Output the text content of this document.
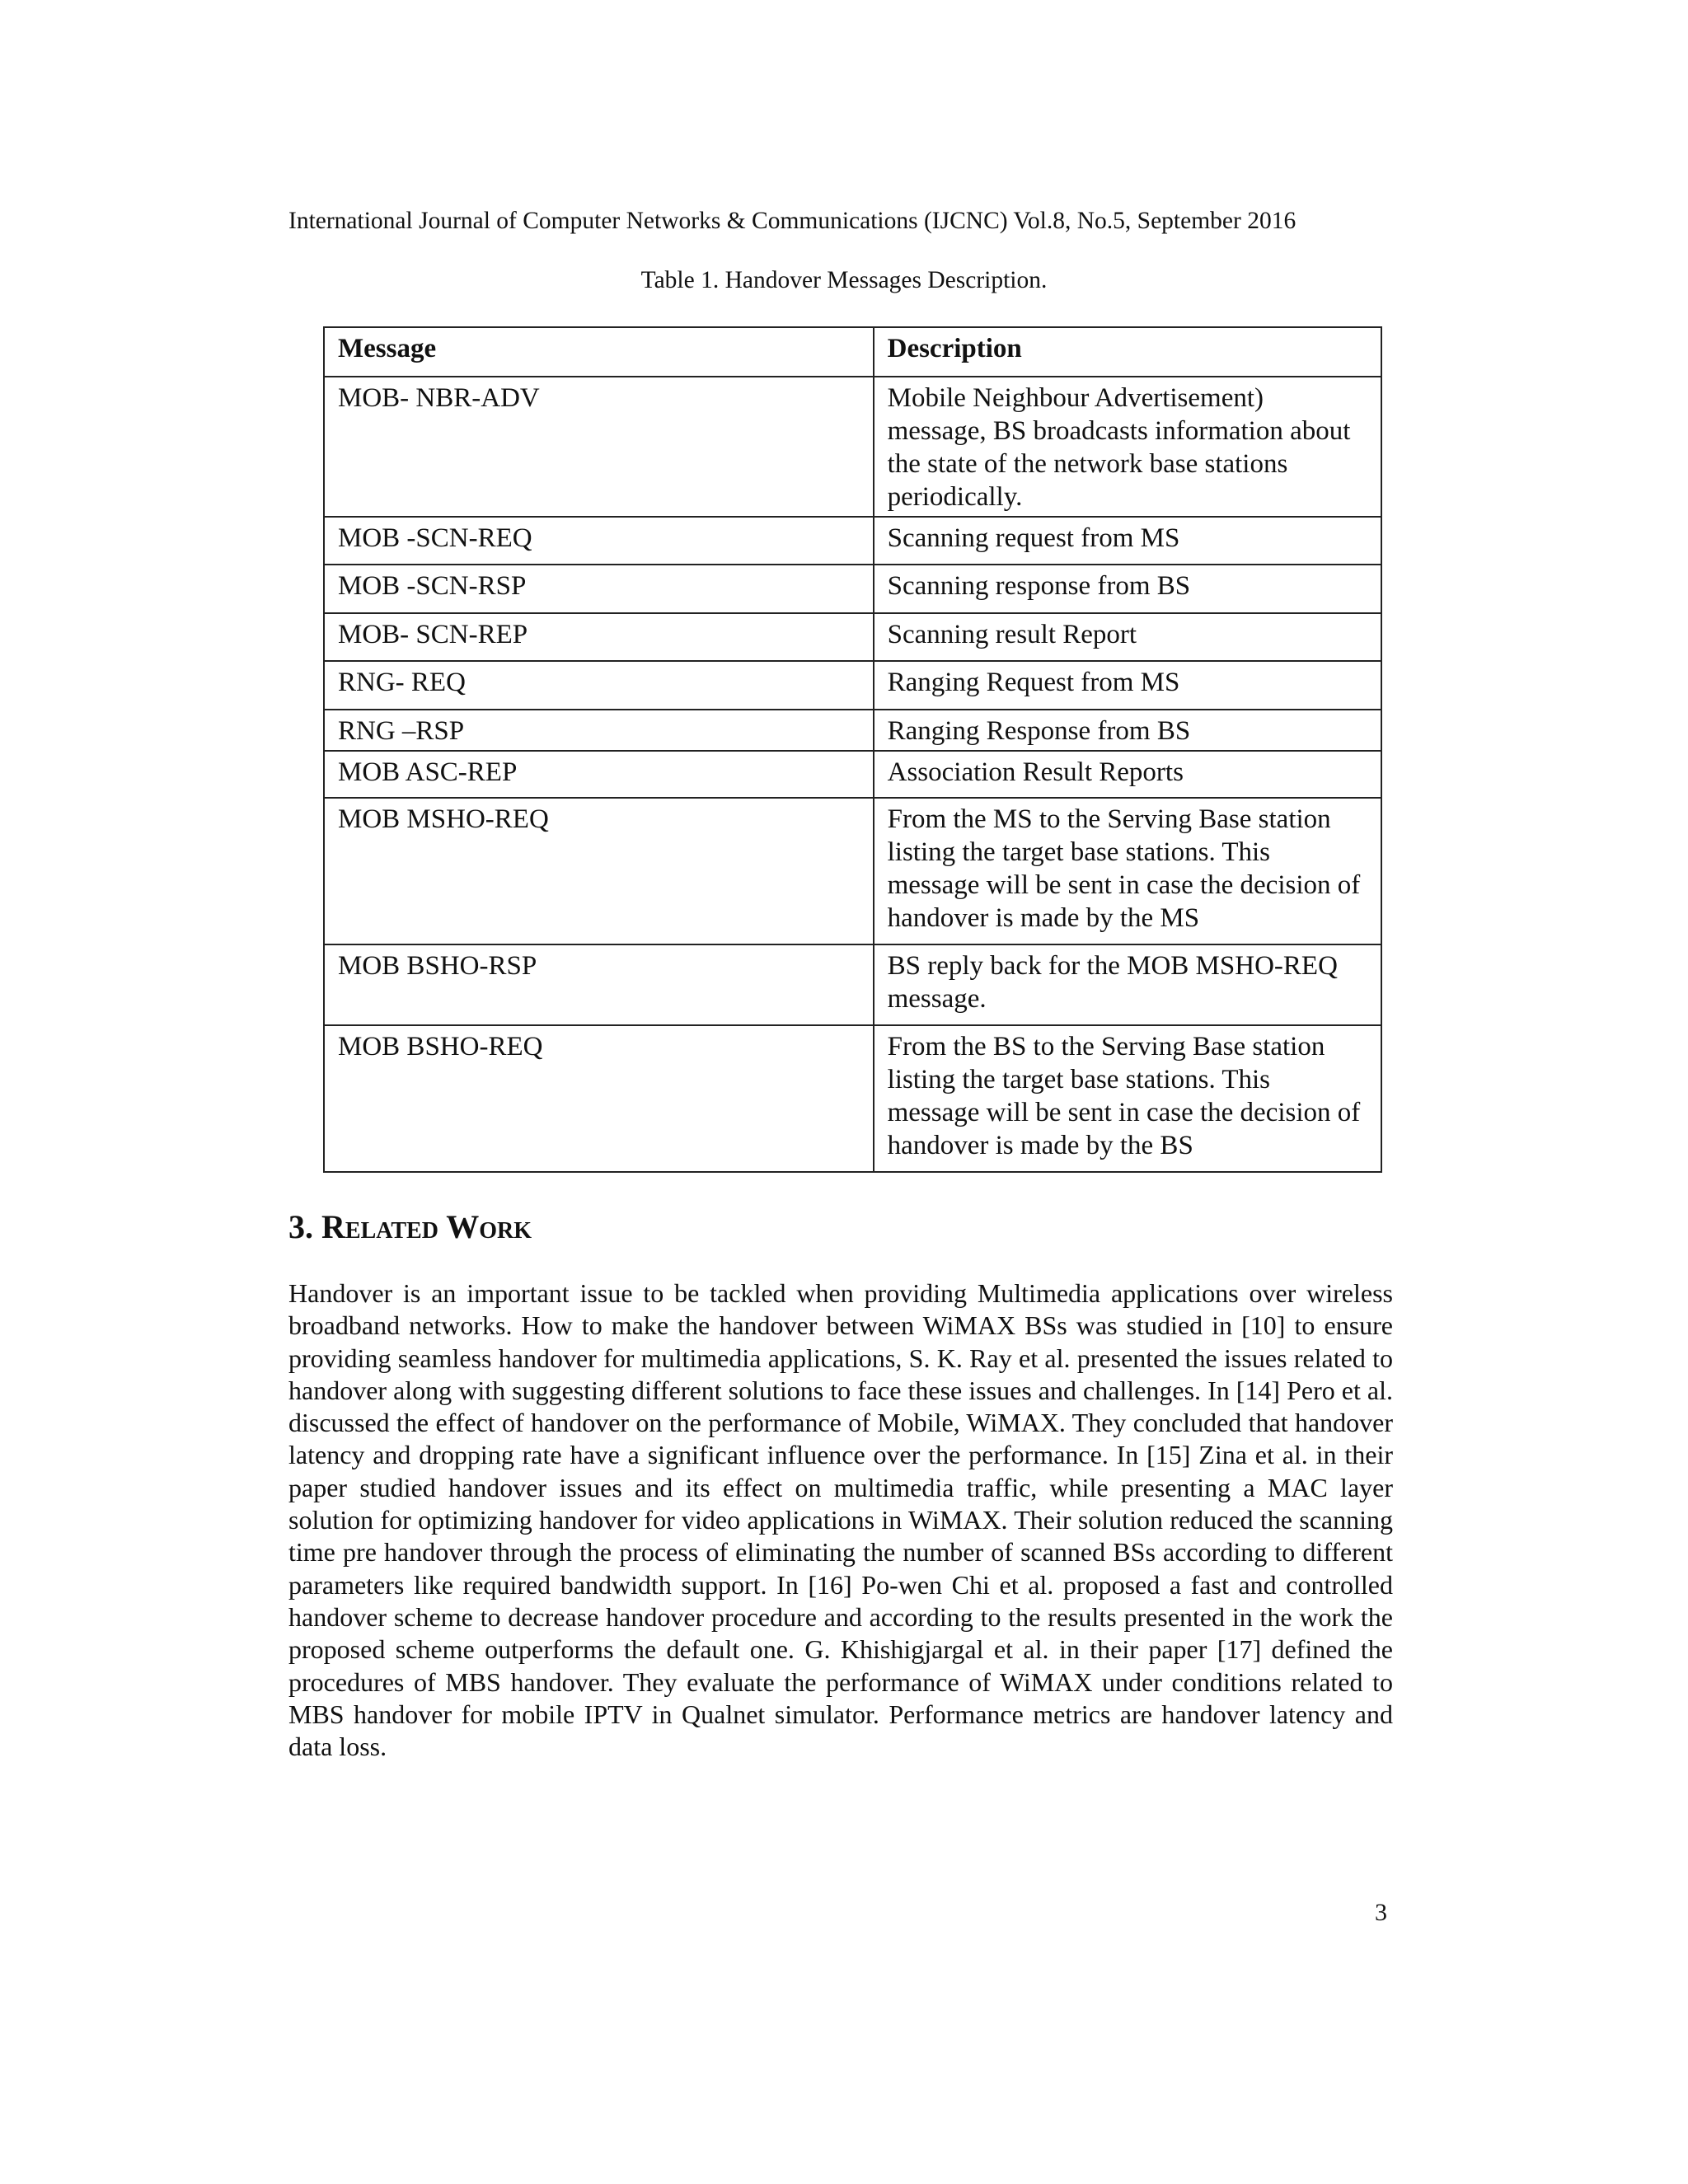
International Journal of Computer Networks & Communications (IJCNC) Vol.8, No.5, September 2016
Table 1. Handover Messages Description.
Message	Description
MOB- NBR-ADV	Mobile Neighbour Advertisement) message, BS broadcasts information about the state of the network base stations periodically.
MOB -SCN-REQ	Scanning request from MS
MOB -SCN-RSP	Scanning response from BS
MOB- SCN-REP	Scanning result Report
RNG- REQ	Ranging Request from MS
RNG –RSP	Ranging Response from BS
MOB ASC-REP	Association Result Reports
MOB MSHO-REQ	From the MS to the Serving Base station listing the target base stations. This message will be sent in case the decision of handover is made by the MS
MOB BSHO-RSP	BS reply back for the MOB MSHO-REQ message.
MOB BSHO-REQ	From the BS to the Serving Base station listing the target base stations. This message will be sent in case the decision of handover is made by the BS
3. Related Work
Handover is an important issue to be tackled when providing Multimedia applications over wireless broadband networks. How to make the handover between WiMAX BSs was studied in [10] to ensure providing seamless handover for multimedia applications, S. K. Ray et al. presented the issues related to handover along with suggesting different solutions to face these issues and challenges. In [14] Pero et al. discussed the effect of handover on the performance of Mobile, WiMAX. They concluded that handover latency and dropping rate have a significant influence over the performance. In [15] Zina et al. in their paper studied handover issues and its effect on multimedia traffic, while presenting a MAC layer solution for optimizing handover for video applications in WiMAX. Their solution reduced the scanning time pre handover through the process of eliminating the number of scanned BSs according to different parameters like required bandwidth support. In [16] Po-wen Chi et al. proposed a fast and controlled handover scheme to decrease handover procedure and according to the results presented in the work the proposed scheme outperforms the default one. G. Khishigjargal et al. in their paper [17] defined the procedures of MBS handover. They evaluate the performance of WiMAX under conditions related to MBS handover for mobile IPTV in Qualnet simulator. Performance metrics are handover latency and data loss.
3
